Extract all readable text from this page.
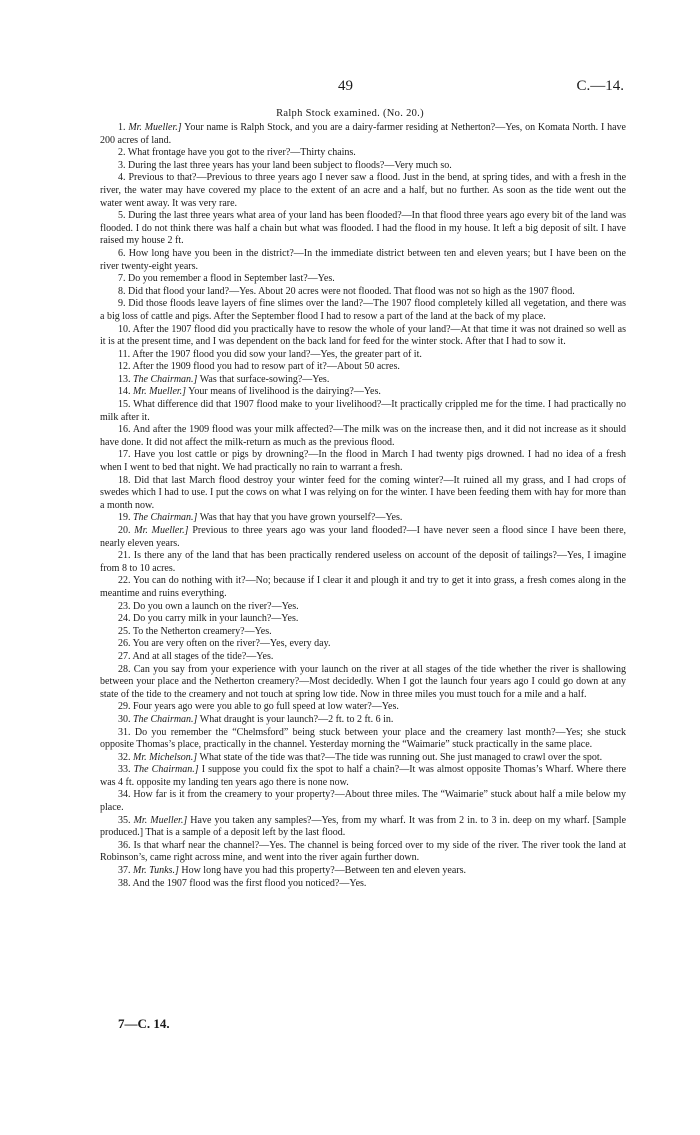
49	C.—14.
Ralph Stock examined. (No. 20.)

1. Mr. Mueller.] Your name is Ralph Stock, and you are a dairy-farmer residing at Netherton?—Yes, on Komata North. I have 200 acres of land.

2. What frontage have you got to the river?—Thirty chains.

3. During the last three years has your land been subject to floods?—Very much so.

4. Previous to that?—Previous to three years ago I never saw a flood. Just in the bend, at spring tides, and with a fresh in the river, the water may have covered my place to the extent of an acre and a half, but no further. As soon as the tide went out the water went away. It was very rare.

5. During the last three years what area of your land has been flooded?—In that flood three years ago every bit of the land was flooded. I do not think there was half a chain but what was flooded. I had the flood in my house. It left a big deposit of silt. I have raised my house 2 ft.

6. How long have you been in the district?—In the immediate district between ten and eleven years; but I have been on the river twenty-eight years.

7. Do you remember a flood in September last?—Yes.

8. Did that flood your land?—Yes. About 20 acres were not flooded. That flood was not so high as the 1907 flood.

9. Did those floods leave layers of fine slimes over the land?—The 1907 flood completely killed all vegetation, and there was a big loss of cattle and pigs. After the September flood I had to resow a part of the land at the back of my place.

10. After the 1907 flood did you practically have to resow the whole of your land?—At that time it was not drained so well as it is at the present time, and I was dependent on the back land for feed for the winter stock. After that I had to sow it.

11. After the 1907 flood you did sow your land?—Yes, the greater part of it.

12. After the 1909 flood you had to resow part of it?—About 50 acres.

13. The Chairman.] Was that surface-sowing?—Yes.

14. Mr. Mueller.] Your means of livelihood is the dairying?—Yes.

15. What difference did that 1907 flood make to your livelihood?—It practically crippled me for the time. I had practically no milk after it.

16. And after the 1909 flood was your milk affected?—The milk was on the increase then, and it did not increase as it should have done. It did not affect the milk-return as much as the previous flood.

17. Have you lost cattle or pigs by drowning?—In the flood in March I had twenty pigs drowned. I had no idea of a fresh when I went to bed that night. We had practically no rain to warrant a fresh.

18. Did that last March flood destroy your winter feed for the coming winter?—It ruined all my grass, and I had crops of swedes which I had to use. I put the cows on what I was relying on for the winter. I have been feeding them with hay for more than a month now.

19. The Chairman.] Was that hay that you have grown yourself?—Yes.

20. Mr. Mueller.] Previous to three years ago was your land flooded?—I have never seen a flood since I have been there, nearly eleven years.

21. Is there any of the land that has been practically rendered useless on account of the deposit of tailings?—Yes, I imagine from 8 to 10 acres.

22. You can do nothing with it?—No; because if I clear it and plough it and try to get it into grass, a fresh comes along in the meantime and ruins everything.

23. Do you own a launch on the river?—Yes.

24. Do you carry milk in your launch?—Yes.

25. To the Netherton creamery?—Yes.

26. You are very often on the river?—Yes, every day.

27. And at all stages of the tide?—Yes.

28. Can you say from your experience with your launch on the river at all stages of the tide whether the river is shallowing between your place and the Netherton creamery?—Most decidedly. When I got the launch four years ago I could go down at any state of the tide to the creamery and not touch at spring low tide. Now in three miles you must touch for a mile and a half.

29. Four years ago were you able to go full speed at low water?—Yes.

30. The Chairman.] What draught is your launch?—2 ft. to 2 ft. 6 in.

31. Do you remember the “Chelmsford” being stuck between your place and the creamery last month?—Yes; she stuck opposite Thomas’s place, practically in the channel. Yesterday morning the “Waimarie” stuck practically in the same place.

32. Mr. Michelson.] What state of the tide was that?—The tide was running out. She just managed to crawl over the spot.

33. The Chairman.] I suppose you could fix the spot to half a chain?—It was almost opposite Thomas’s Wharf. Where there was 4 ft. opposite my landing ten years ago there is none now.

34. How far is it from the creamery to your property?—About three miles. The “Waimarie” stuck about half a mile below my place.

35. Mr. Mueller.] Have you taken any samples?—Yes, from my wharf. It was from 2 in. to 3 in. deep on my wharf. [Sample produced.] That is a sample of a deposit left by the last flood.

36. Is that wharf near the channel?—Yes. The channel is being forced over to my side of the river. The river took the land at Robinson’s, came right across mine, and went into the river again further down.

37. Mr. Tunks.] How long have you had this property?—Between ten and eleven years.

38. And the 1907 flood was the first flood you noticed?—Yes.

7—C. 14.
